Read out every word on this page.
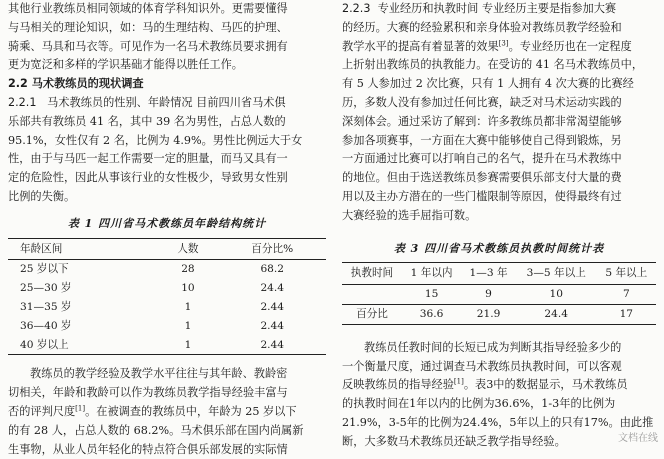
其他行业教练员相同领域的体育学科知识外。更需要懂得

与马相关的理论知识，如：马的生理结构、马匹的护理、

骑乘、马具和马衣等。可见作为一名马术教练员要求拥有

更为宽泛和多样的学识基础才能得以胜任工作。

2.2 马术教练员的现状调查

2.2.1 马术教练员的性别、年龄情况 目前四川省马术俱

乐部共有教练员 41 名，其中 39 名为男性，占总人数的

95.1%，女性仅有 2 名，比例为 4.9%。男性比例远大于女

性，由于与马匹一起工作需要一定的胆量，而马又具有一

定的危险性，因此从事该行业的女性极少，导致男女性别

比例的失衡。

表 1 四川省马术教练员年龄结构统计

年龄区间	人数	百分比%
25 岁以下	28	68.2
25—30 岁	10	24.4
31—35 岁	1	2.44
36—40 岁	1	2.44
40 岁以上	1	2.44

教练员的教学经验及教学水平往往与其年龄、教龄密

切相关，年龄和教龄可以作为教练员教学指导经验丰富与

否的评判尺度[1]。在被调查的教练员中，年龄为 25 岁以下

的有 28 人，占总人数的 68.2%。马术俱乐部在国内尚属新

生事物，从业人员年轻化的特点符合俱乐部发展的实际情

2.2.3 专业经历和执教时间 专业经历主要是指参加大赛

的经历。大赛的经验累积和亲身体验对教练员教学经验和

教学水平的提高有着显著的效果[3]。专业经历也在一定程度

上折射出教练员的执教能力。在受访的 41 名马术教练员中，

有 5 人参加过 2 次比赛，只有 1 人拥有 4 次大赛的比赛经

历，多数人没有参加过任何比赛，缺乏对马术运动实践的

深刻体会。通过采访了解到：许多教练员都非常渴望能够

参加各项赛事，一方面在大赛中能够使自己得到锻炼，另

一方面通过比赛可以打响自己的名气，提升在马术教练中

的地位。但由于选送教练员参赛需要俱乐部支付大量的费

用以及主办方潜在的一些门槛限制等原因，使得最终有过

大赛经验的选手屈指可数。

表 3 四川省马术教练员执教时间统计表

执教时间	1 年以内	1—3 年	3—5 年以上	5 年以上
	15	9	10	7
百分比	36.6	21.9	24.4	17

教练员任教时间的长短已成为判断其指导经验多少的

一个衡量尺度，通过调查马术教练员执教时间，可以客观

反映教练员的指导经验[1]。表3中的数据显示，马术教练员

的执教时间在1年以内的比例为36.6%，1-3年的比例为

21.9%，3-5年的比例为24.4%，5年以上的只有17%。由此推

断，大多数马术教练员还缺乏教学指导经验。	文档在线
